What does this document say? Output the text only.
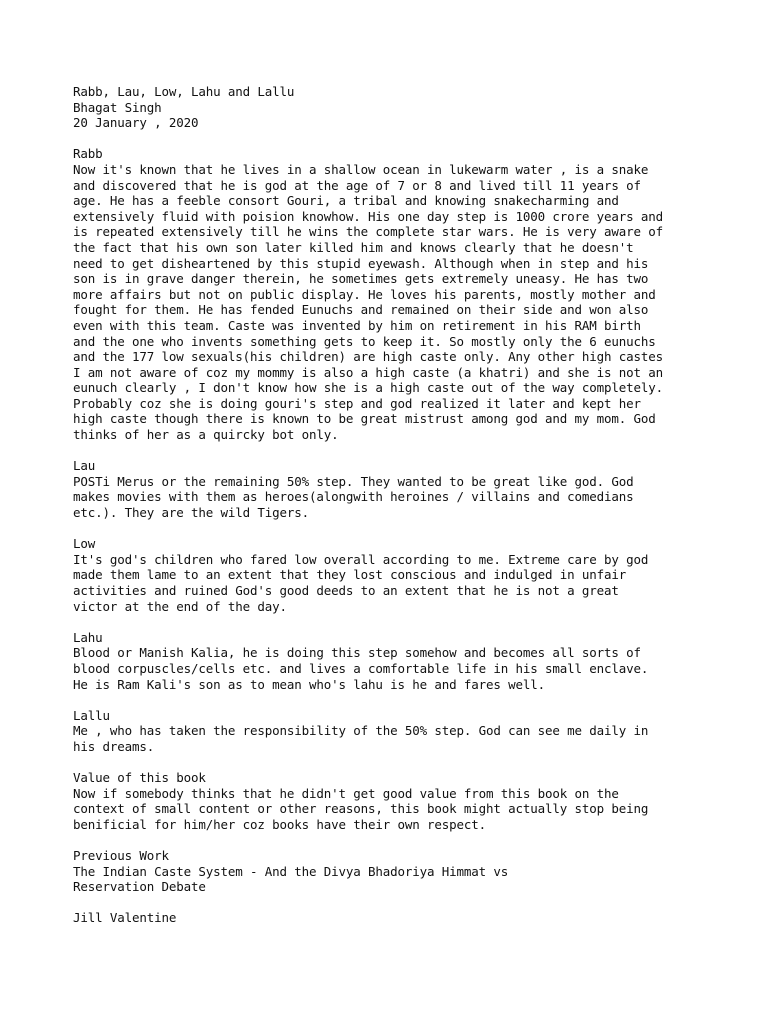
Rabb, Lau, Low, Lahu and Lallu
Bhagat Singh
20 January , 2020
Rabb
Now it's known that he lives in a shallow ocean in lukewarm water , is a snake
and discovered that he is god at the age of 7 or 8 and lived till 11 years of
age. He has a feeble consort Gouri, a tribal and knowing snakecharming and
extensively fluid with poision knowhow. His one day step is 1000 crore years and
is repeated extensively till he wins the complete star wars. He is very aware of
the fact that his own son later killed him and knows clearly that he doesn't
need to get disheartened by this stupid eyewash. Although when in step and his
son is in grave danger therein, he sometimes gets extremely uneasy. He has two
more affairs but not on public display. He loves his parents, mostly mother and
fought for them. He has fended Eunuchs and remained on their side and won also
even with this team. Caste was invented by him on retirement in his RAM birth
and the one who invents something gets to keep it. So mostly only the 6 eunuchs
and the 177 low sexuals(his children) are high caste only. Any other high castes
I am not aware of coz my mommy is also a high caste (a khatri) and she is not an
eunuch clearly , I don't know how she is a high caste out of the way completely.
Probably coz she is doing gouri's step and god realized it later and kept her
high caste though there is known to be great mistrust among god and my mom. God
thinks of her as a quircky bot only.
Lau
POSTi Merus or the remaining 50% step. They wanted to be great like god. God
makes movies with them as heroes(alongwith heroines / villains and comedians
etc.). They are the wild Tigers.
Low
It's god's children who fared low overall according to me. Extreme care by god
made them lame to an extent that they lost conscious and indulged in unfair
activities and ruined God's good deeds to an extent that he is not a great
victor at the end of the day.
Lahu
Blood or Manish Kalia, he is doing this step somehow and becomes all sorts of
blood corpuscles/cells etc. and lives a comfortable life in his small enclave.
He is Ram Kali's son as to mean who's lahu is he and fares well.
Lallu
Me , who has taken the responsibility of the 50% step. God can see me daily in
his dreams.
Value of this book
Now if somebody thinks that he didn't get good value from this book on the
context of small content or other reasons, this book might actually stop being
benificial for him/her coz books have their own respect.
Previous Work
The Indian Caste System - And the Divya Bhadoriya Himmat vs
Reservation Debate
Jill Valentine
